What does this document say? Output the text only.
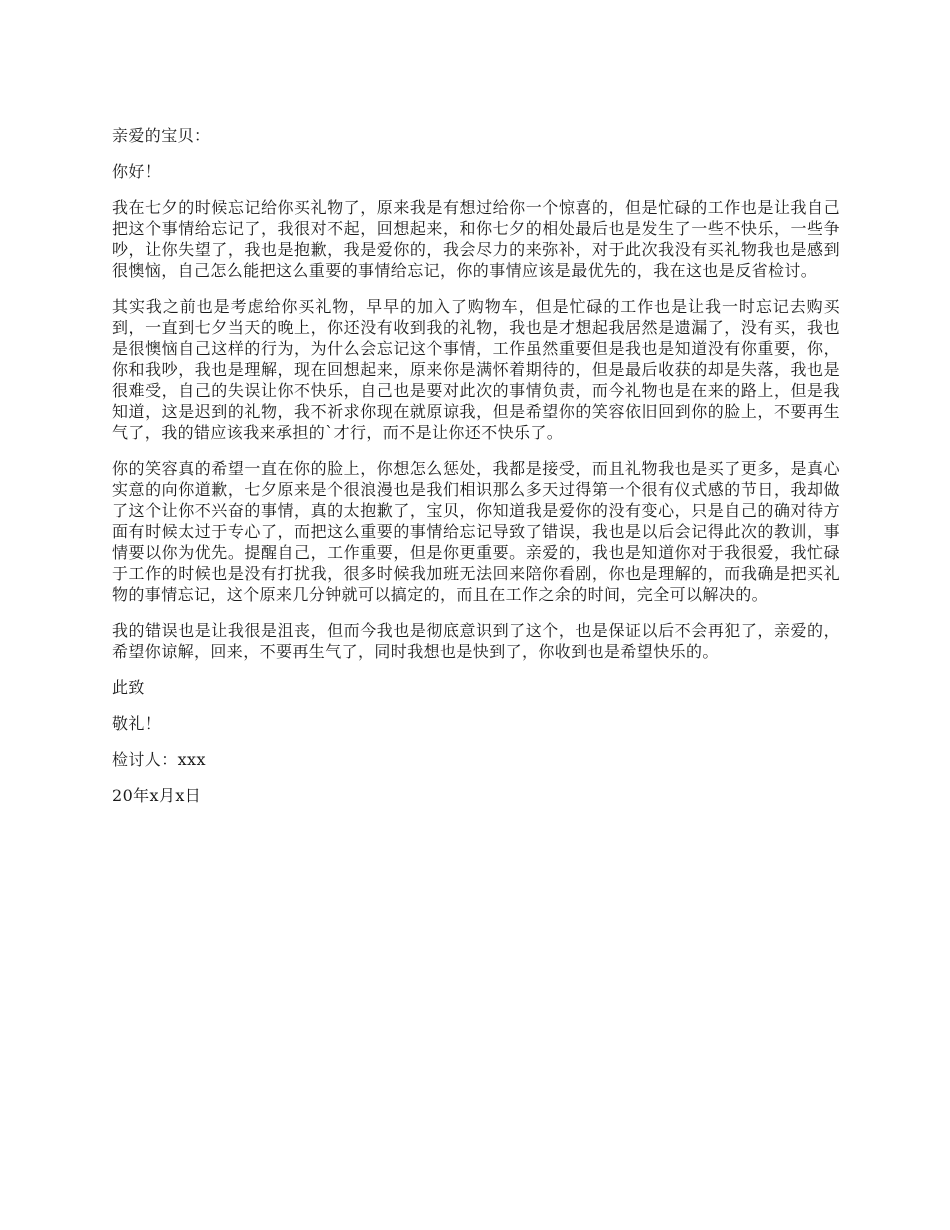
亲爱的宝贝：

你好！

我在七夕的时候忘记给你买礼物了，原来我是有想过给你一个惊喜的，但是忙碌的工作也是让我自己把这个事情给忘记了，我很对不起，回想起来，和你七夕的相处最后也是发生了一些不快乐，一些争吵，让你失望了，我也是抱歉，我是爱你的，我会尽力的来弥补，对于此次我没有买礼物我也是感到很懊恼，自己怎么能把这么重要的事情给忘记，你的事情应该是最优先的，我在这也是反省检讨。

其实我之前也是考虑给你买礼物，早早的加入了购物车，但是忙碌的工作也是让我一时忘记去购买到，一直到七夕当天的晚上，你还没有收到我的礼物，我也是才想起我居然是遗漏了，没有买，我也是很懊恼自己这样的行为，为什么会忘记这个事情，工作虽然重要但是我也是知道没有你重要，你，你和我吵，我也是理解，现在回想起来，原来你是满怀着期待的，但是最后收获的却是失落，我也是很难受，自己的失误让你不快乐，自己也是要对此次的事情负责，而今礼物也是在来的路上，但是我知道，这是迟到的礼物，我不祈求你现在就原谅我，但是希望你的笑容依旧回到你的脸上，不要再生气了，我的错应该我来承担的`才行，而不是让你还不快乐了。

你的笑容真的希望一直在你的脸上，你想怎么惩处，我都是接受，而且礼物我也是买了更多，是真心实意的向你道歉，七夕原来是个很浪漫也是我们相识那么多天过得第一个很有仪式感的节日，我却做了这个让你不兴奋的事情，真的太抱歉了，宝贝，你知道我是爱你的没有变心，只是自己的确对待方面有时候太过于专心了，而把这么重要的事情给忘记导致了错误，我也是以后会记得此次的教训，事情要以你为优先。提醒自己，工作重要，但是你更重要。亲爱的，我也是知道你对于我很爱，我忙碌于工作的时候也是没有打扰我，很多时候我加班无法回来陪你看剧，你也是理解的，而我确是把买礼物的事情忘记，这个原来几分钟就可以搞定的，而且在工作之余的时间，完全可以解决的。

我的错误也是让我很是沮丧，但而今我也是彻底意识到了这个，也是保证以后不会再犯了，亲爱的，希望你谅解，回来，不要再生气了，同时我想也是快到了，你收到也是希望快乐的。

此致

敬礼！

检讨人：xxx

20年x月x日
